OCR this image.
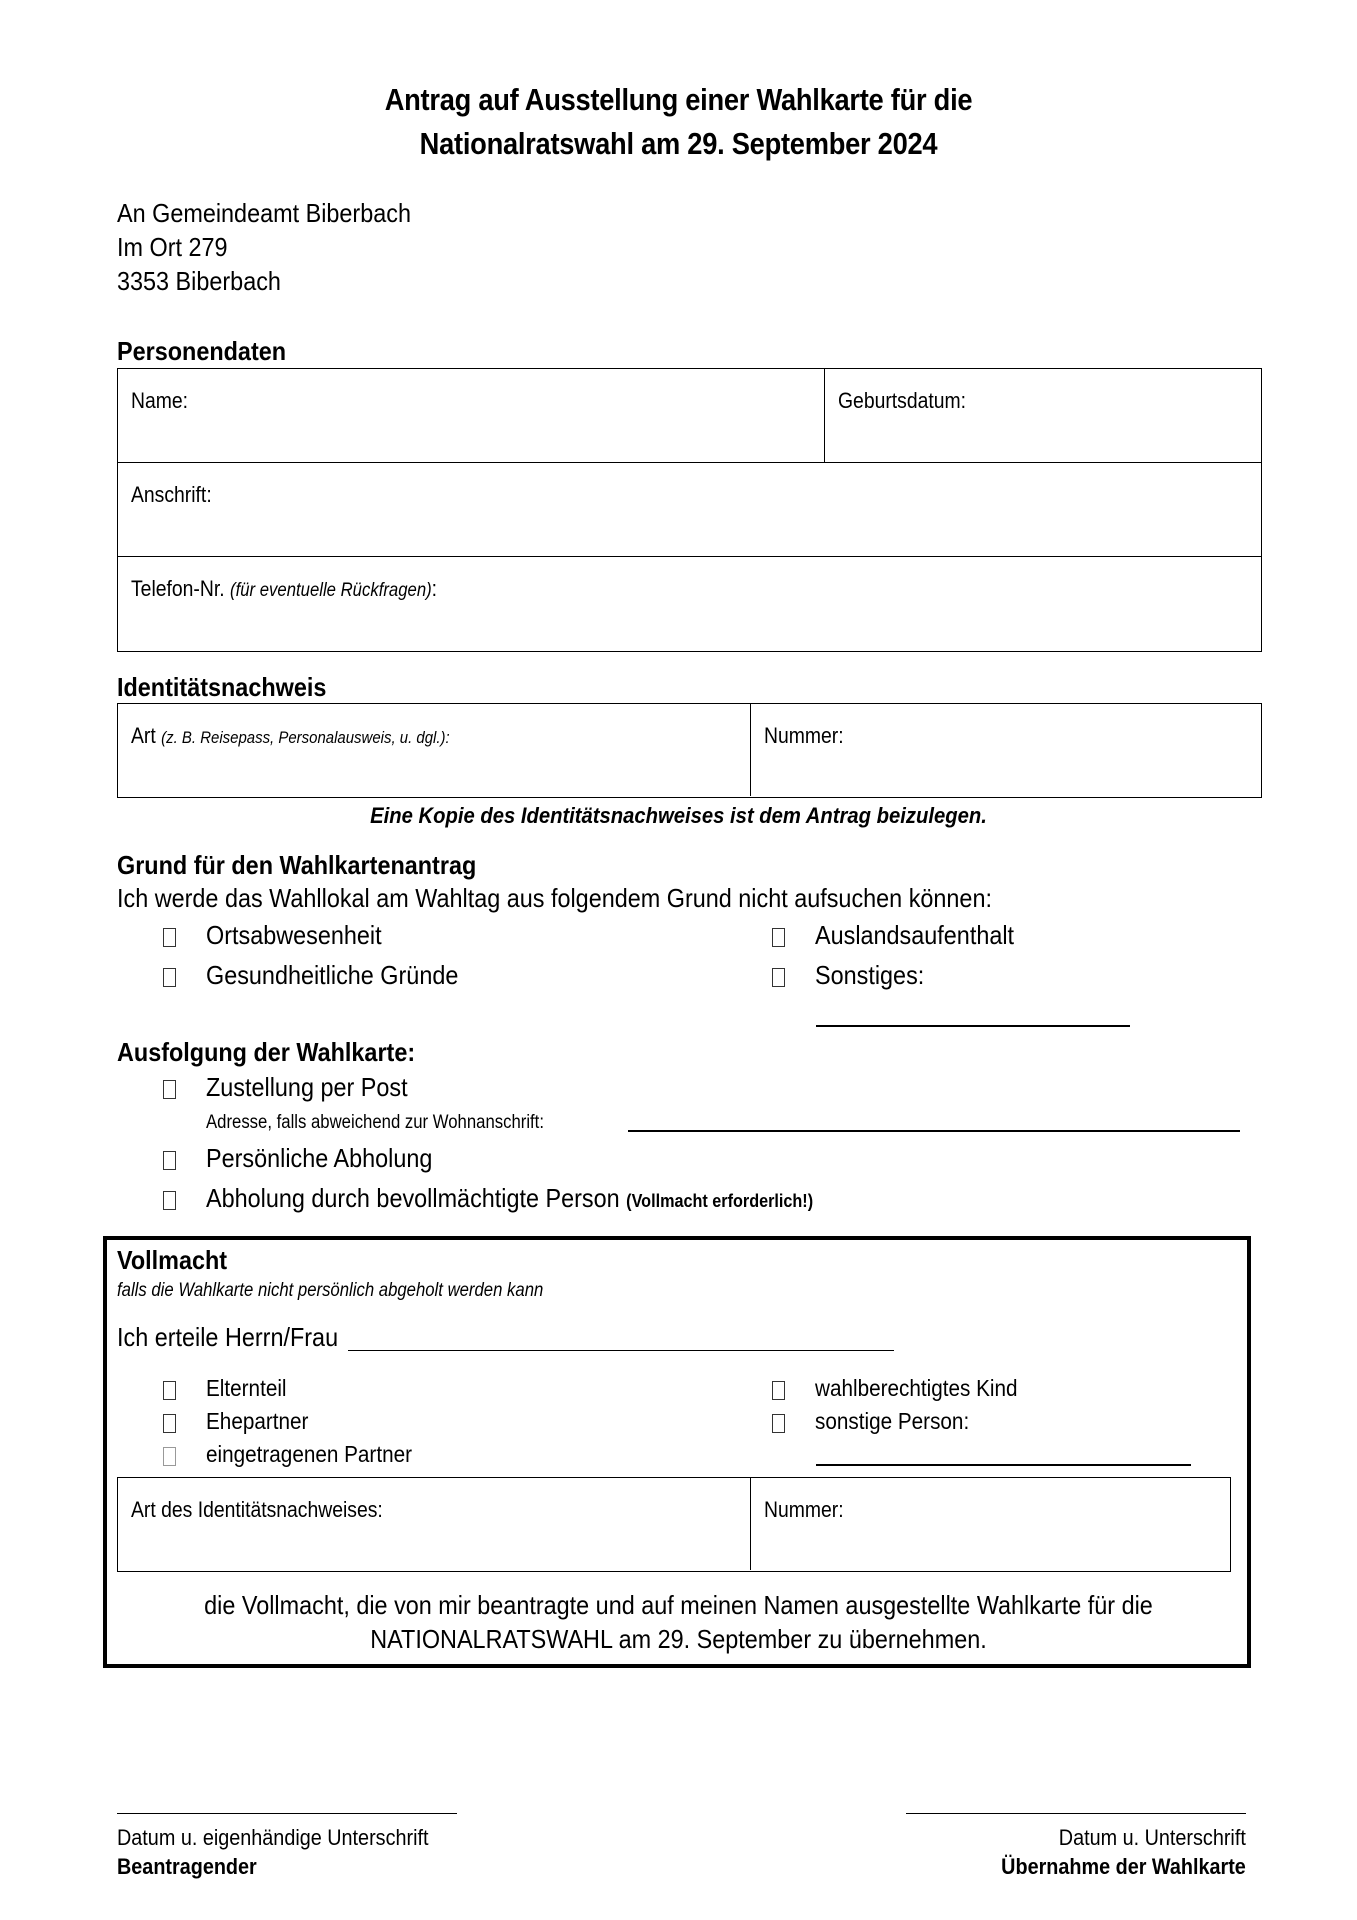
Antrag auf Ausstellung einer Wahlkarte für die
Nationalratswahl am 29. September 2024
An Gemeindeamt Biberbach
Im Ort 279
3353 Biberbach
Personendaten
Name:	Geburtsdatum:
Anschrift:
Telefon-Nr. (für eventuelle Rückfragen):
Identitätsnachweis
Art (z. B. Reisepass, Personalausweis, u. dgl.):	Nummer:
Eine Kopie des Identitätsnachweises ist dem Antrag beizulegen.
Grund für den Wahlkartenantrag
Ich werde das Wahllokal am Wahltag aus folgendem Grund nicht aufsuchen können:
Ortsabwesenheit
Gesundheitliche Gründe
Auslandsaufenthalt
Sonstiges:
Ausfolgung der Wahlkarte:
Zustellung per Post
Adresse, falls abweichend zur Wohnanschrift:
Persönliche Abholung
Abholung durch bevollmächtigte Person (Vollmacht erforderlich!)
Vollmacht
falls die Wahlkarte nicht persönlich abgeholt werden kann
Ich erteile Herrn/Frau
Elternteil
Ehepartner
eingetragenen Partner
wahlberechtigtes Kind
sonstige Person:
Art des Identitätsnachweises:	Nummer:
die Vollmacht, die von mir beantragte und auf meinen Namen ausgestellte Wahlkarte für die
NATIONALRATSWAHL am 29. September zu übernehmen.
Datum u. eigenhändige Unterschrift
Beantragender
Datum u. Unterschrift
Übernahme der Wahlkarte
